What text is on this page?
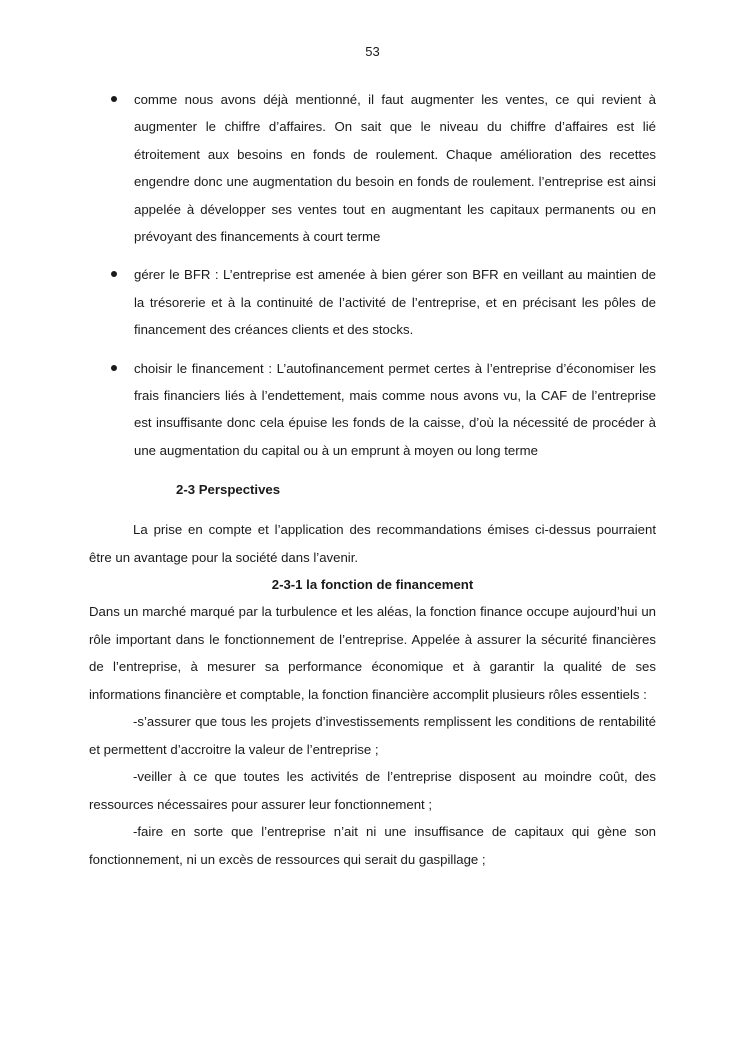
53
comme nous avons déjà mentionné, il faut augmenter les ventes, ce qui revient à augmenter le chiffre d’affaires. On sait que le niveau du chiffre d’affaires est lié étroitement aux besoins en fonds de roulement. Chaque amélioration des recettes engendre donc une augmentation du besoin en fonds de roulement. l’entreprise est ainsi appelée à développer ses ventes tout en augmentant les capitaux permanents ou en prévoyant des financements à court terme
gérer le BFR : L’entreprise est amenée à bien gérer son BFR en veillant au maintien de la trésorerie et à la continuité de l’activité de l’entreprise, et en précisant les pôles de financement des créances clients et des stocks.
choisir le financement : L’autofinancement permet certes à l’entreprise d’économiser les frais financiers liés à l’endettement, mais comme nous avons vu, la CAF de l’entreprise est insuffisante donc cela épuise les fonds de la caisse, d’où la nécessité de procéder à une augmentation du capital ou à un emprunt à moyen ou long terme
2-3 Perspectives

La prise en compte et l’application des recommandations émises ci-dessus pourraient être un avantage pour la société dans l’avenir.

2-3-1 la fonction de financement

Dans un marché marqué par la turbulence et les aléas, la fonction finance occupe aujourd’hui un rôle important dans le fonctionnement de l’entreprise. Appelée à assurer la sécurité financières de l’entreprise, à mesurer sa performance économique et à garantir la qualité de ses informations financière et comptable, la fonction financière accomplit plusieurs rôles essentiels :

-s’assurer que tous les projets d’investissements remplissent les conditions de rentabilité et permettent d’accroitre la valeur de l’entreprise ;

-veiller à ce que toutes les activités de l’entreprise disposent au moindre coût, des ressources nécessaires pour assurer leur fonctionnement ;

-faire en sorte que l’entreprise n’ait ni une insuffisance de capitaux qui gène son fonctionnement, ni un excès de ressources qui serait du gaspillage ;
